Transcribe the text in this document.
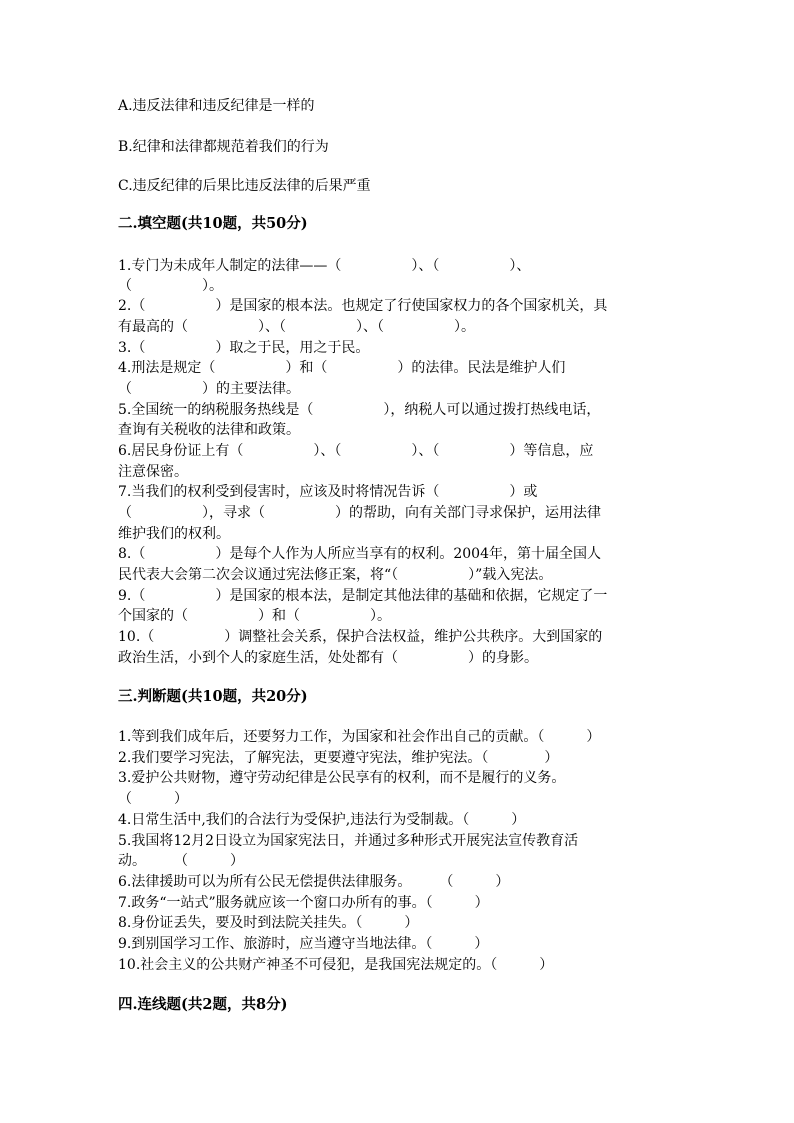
A.违反法律和违反纪律是一样的
B.纪律和法律都规范着我们的行为
C.违反纪律的后果比违反法律的后果严重
二.填空题(共10题，共50分)
1.专门为未成年人制定的法律——（　　　　　）、（　　　　　）、
（　　　　　）。
2.（　　　　　）是国家的根本法。也规定了行使国家权力的各个国家机关，具
有最高的（　　　　　）、（　　　　　）、（　　　　　）。
3.（　　　　　）取之于民，用之于民。
4.刑法是规定（　　　　　）和（　　　　　）的法律。民法是维护人们
（　　　　　）的主要法律。
5.全国统一的纳税服务热线是（　　　　　），纳税人可以通过拨打热线电话，
查询有关税收的法律和政策。
6.居民身份证上有（　　　　　）、（　　　　　）、（　　　　　）等信息，应
注意保密。
7.当我们的权利受到侵害时，应该及时将情况告诉（　　　　　）或
（　　　　　），寻求（　　　　　）的帮助，向有关部门寻求保护，运用法律
维护我们的权利。
8.（　　　　　）是每个人作为人所应当享有的权利。2004年，第十届全国人
民代表大会第二次会议通过宪法修正案，将“（　　　　　）”载入宪法。
9.（　　　　　）是国家的根本法，是制定其他法律的基础和依据，它规定了一
个国家的（　　　　　）和（　　　　　）。
10.（　　　　　）调整社会关系，保护合法权益，维护公共秩序。大到国家的
政治生活，小到个人的家庭生活，处处都有（　　　　　）的身影。
三.判断题(共10题，共20分)
1.等到我们成年后，还要努力工作，为国家和社会作出自己的贡献。（　　　）
2.我们要学习宪法，了解宪法，更要遵守宪法，维护宪法。（　　　　）
3.爱护公共财物，遵守劳动纪律是公民享有的权利，而不是履行的义务。
（　　　）
4.日常生活中,我们的合法行为受保护,违法行为受制裁。（　　　）
5.我国将12月2日设立为国家宪法日，并通过多种形式开展宪法宣传教育活
动。　　　（　　　）
6.法律援助可以为所有公民无偿提供法律服务。　　　（　　　）
7.政务“一站式”服务就应该一个窗口办所有的事。（　　　）
8.身份证丢失，要及时到法院关挂失。（　　　）
9.到别国学习工作、旅游时，应当遵守当地法律。（　　　）
10.社会主义的公共财产神圣不可侵犯，是我国宪法规定的。（　　　）
四.连线题(共2题，共8分)
